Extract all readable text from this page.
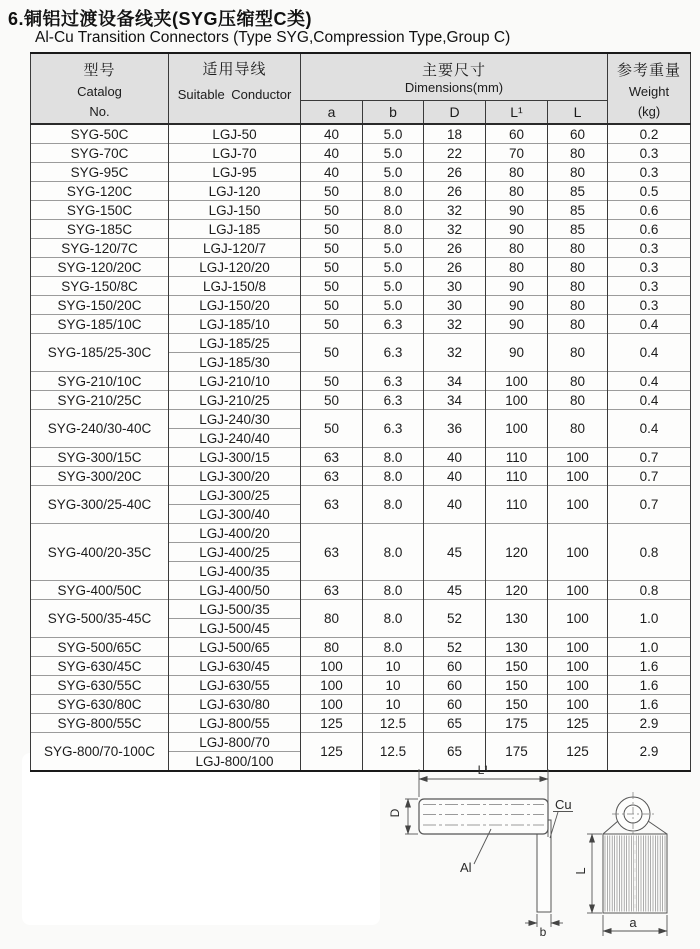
6.铜铝过渡设备线夹(SYG压缩型C类)
Al-Cu Transition Connectors (Type SYG,Compression Type,Group C)
型号
Catalog
No.	适用导线
Suitable Conductor	主要尺寸
Dimensions(mm)					参考重量
Weight
(kg)

		a	b	D	L¹	L	
SYG-50C	LGJ-50	40	5.0	18	60	60	0.2
SYG-70C	LGJ-70	40	5.0	22	70	80	0.3
SYG-95C	LGJ-95	40	5.0	26	80	80	0.3
SYG-120C	LGJ-120	50	8.0	26	80	85	0.5
SYG-150C	LGJ-150	50	8.0	32	90	85	0.6
SYG-185C	LGJ-185	50	8.0	32	90	85	0.6
SYG-120/7C	LGJ-120/7	50	5.0	26	80	80	0.3
SYG-120/20C	LGJ-120/20	50	5.0	26	80	80	0.3
SYG-150/8C	LGJ-150/8	50	5.0	30	90	80	0.3
SYG-150/20C	LGJ-150/20	50	5.0	30	90	80	0.3
SYG-185/10C	LGJ-185/10	50	6.3	32	90	80	0.4
SYG-185/25-30C	LGJ-185/25	50	6.3	32	90	80	0.4
	LGJ-185/30						
SYG-210/10C	LGJ-210/10	50	6.3	34	100	80	0.4
SYG-210/25C	LGJ-210/25	50	6.3	34	100	80	0.4
SYG-240/30-40C	LGJ-240/30	50	6.3	36	100	80	0.4
	LGJ-240/40						
SYG-300/15C	LGJ-300/15	63	8.0	40	110	100	0.7
SYG-300/20C	LGJ-300/20	63	8.0	40	110	100	0.7
SYG-300/25-40C	LGJ-300/25	63	8.0	40	110	100	0.7
	LGJ-300/40						
SYG-400/20-35C	LGJ-400/20	63	8.0	45	120	100	0.8
	LGJ-400/25						
	LGJ-400/35						
SYG-400/50C	LGJ-400/50	63	8.0	45	120	100	0.8
SYG-500/35-45C	LGJ-500/35	80	8.0	52	130	100	1.0
	LGJ-500/45						
SYG-500/65C	LGJ-500/65	80	8.0	52	130	100	1.0
SYG-630/45C	LGJ-630/45	100	10	60	150	100	1.6
SYG-630/55C	LGJ-630/55	100	10	60	150	100	1.6
SYG-630/80C	LGJ-630/80	100	10	60	150	100	1.6
SYG-800/55C	LGJ-800/55	125	12.5	65	175	125	2.9
SYG-800/70-100C	LGJ-800/70	125	12.5	65	175	125	2.9
	LGJ-800/100						
L¹
D
Al
Cu
b
L
a
